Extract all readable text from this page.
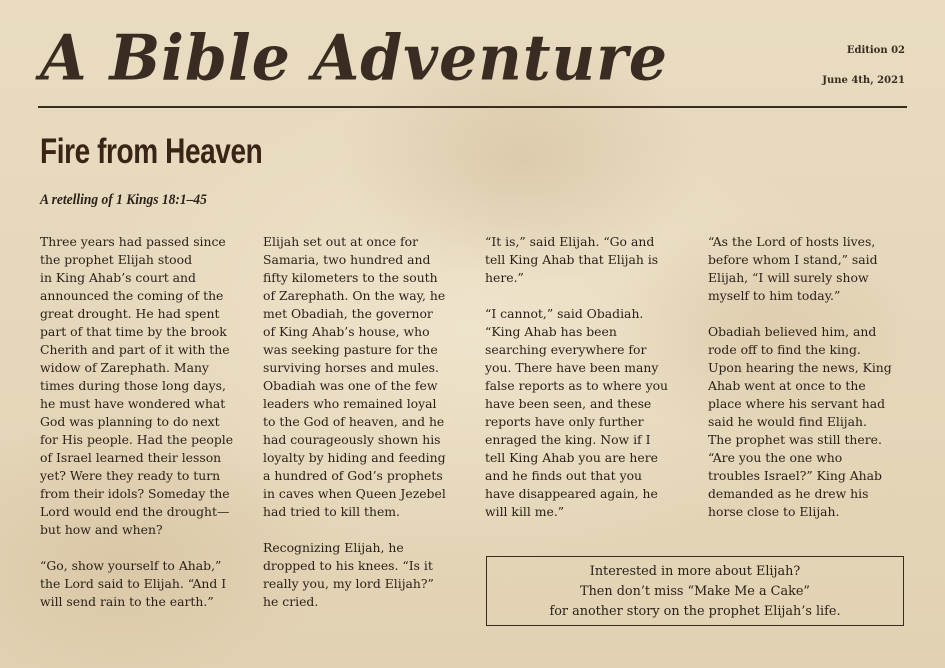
A Bible Adventure	Edition 02
June 4th, 2021
Fire from Heaven
A retelling of 1 Kings 18:1–45

Three years had passed since
the prophet Elijah stood
in King Ahab’s court and
announced the coming of the
great drought. He had spent
part of that time by the brook
Cherith and part of it with the
widow of Zarephath. Many
times during those long days,
he must have wondered what
God was planning to do next
for His people. Had the people
of Israel learned their lesson
yet? Were they ready to turn
from their idols? Someday the
Lord would end the drought—
but how and when?

“Go, show yourself to Ahab,”
the Lord said to Elijah. “And I
will send rain to the earth.”

Elijah set out at once for
Samaria, two hundred and
fifty kilometers to the south
of Zarephath. On the way, he
met Obadiah, the governor
of King Ahab’s house, who
was seeking pasture for the
surviving horses and mules.
Obadiah was one of the few
leaders who remained loyal
to the God of heaven, and he
had courageously shown his
loyalty by hiding and feeding
a hundred of God’s prophets
in caves when Queen Jezebel
had tried to kill them.

Recognizing Elijah, he
dropped to his knees. “Is it
really you, my lord Elijah?”
he cried.

“It is,” said Elijah. “Go and
tell King Ahab that Elijah is
here.”

“I cannot,” said Obadiah.
“King Ahab has been
searching everywhere for
you. There have been many
false reports as to where you
have been seen, and these
reports have only further
enraged the king. Now if I
tell King Ahab you are here
and he finds out that you
have disappeared again, he
will kill me.”

“As the Lord of hosts lives,
before whom I stand,” said
Elijah, “I will surely show
myself to him today.”

Obadiah believed him, and
rode off to find the king.
Upon hearing the news, King
Ahab went at once to the
place where his servant had
said he would find Elijah.
The prophet was still there.
“Are you the one who
troubles Israel?” King Ahab
demanded as he drew his
horse close to Elijah.

Interested in more about Elijah?
Then don’t miss “Make Me a Cake”
for another story on the prophet Elijah’s life.
